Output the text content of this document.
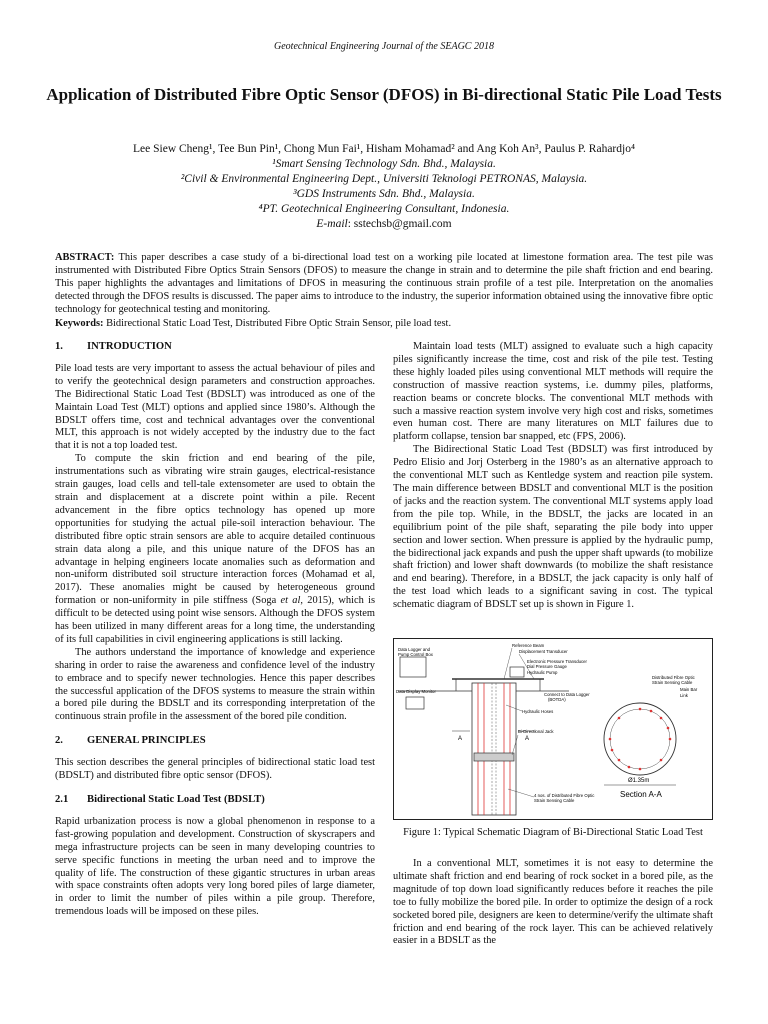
Geotechnical Engineering Journal of the SEAGC 2018
Application of Distributed Fibre Optic Sensor (DFOS) in Bi-directional Static Pile Load Tests
Lee Siew Cheng¹, Tee Bun Pin¹, Chong Mun Fai¹, Hisham Mohamad² and Ang Koh An³, Paulus P. Rahardjo⁴
¹Smart Sensing Technology Sdn. Bhd., Malaysia.
²Civil & Environmental Engineering Dept., Universiti Teknologi PETRONAS, Malaysia.
³GDS Instruments Sdn. Bhd., Malaysia.
⁴PT. Geotechnical Engineering Consultant, Indonesia.
E-mail: sstechsb@gmail.com

ABSTRACT: This paper describes a case study of a bi-directional load test on a working pile located at limestone formation area. The test pile was instrumented with Distributed Fibre Optics Strain Sensors (DFOS) to measure the change in strain and to determine the pile shaft friction and end bearing. This paper highlights the advantages and limitations of DFOS in measuring the continuous strain profile of a test pile. Interpretation on the anomalies detected through the DFOS results is discussed. The paper aims to introduce to the industry, the superior information obtained using the innovative fibre optic technology for geotechnical testing and monitoring.

Keywords: Bidirectional Static Load Test, Distributed Fibre Optic Strain Sensor, pile load test.

1. INTRODUCTION

Pile load tests are very important to assess the actual behaviour of piles and to verify the geotechnical design parameters and construction approaches. The Bidirectional Static Load Test (BDSLT) was introduced as one of the Maintain Load Test (MLT) options and applied since 1980’s. Although the BDSLT offers time, cost and technical advantages over the conventional MLT, this approach is not widely accepted by the industry due to the fact that it is not a top loaded test.

To compute the skin friction and end bearing of the pile, instrumentations such as vibrating wire strain gauges, electrical-resistance strain gauges, load cells and tell-tale extensometer are used to obtain the strain and displacement at a discrete point within a pile. Recent advancement in the fibre optics technology has opened up more opportunities for studying the actual pile-soil interaction behaviour. The distributed fibre optic strain sensors are able to acquire detailed continuous strain data along a pile, and this unique nature of the DFOS has an advantage in helping engineers locate anomalies such as deformation and non-uniform distributed soil structure interaction forces (Mohamad et al, 2017). These anomalies might be caused by heterogeneous ground formation or non-uniformity in pile stiffness (Soga et al, 2015), which is difficult to be detected using point wise sensors. Although the DFOS system has been utilized in many different areas for a long time, the understanding of its full capabilities in civil engineering applications is still lacking.

The authors understand the importance of knowledge and experience sharing in order to raise the awareness and confidence level of the industry to embrace and to specify newer technologies. Hence this paper describes the successful application of the DFOS systems to measure the strain within a bored pile during the BDSLT and its corresponding interpretation of the continuous strain profile in the assessment of the bored pile condition.

2. GENERAL PRINCIPLES

This section describes the general principles of bidirectional static load test (BDSLT) and distributed fibre optic sensor (DFOS).

2.1 Bidirectional Static Load Test (BDSLT)

Rapid urbanization process is now a global phenomenon in response to a fast-growing population and development. Construction of skyscrapers and mega infrastructure projects can be seen in many developing countries to serve specific functions in meeting the urban need and to improve the quality of life. The construction of these gigantic structures in urban areas with space constraints often adopts very long bored piles of large diameter, in order to limit the number of piles within a pile group. Therefore, tremendous loads will be imposed on these piles.

Maintain load tests (MLT) assigned to evaluate such a high capacity piles significantly increase the time, cost and risk of the pile test. Testing these highly loaded piles using conventional MLT methods will require the construction of massive reaction systems, i.e. dummy piles, platforms, reaction beams or concrete blocks. The conventional MLT methods with such a massive reaction system involve very high cost and risks, sometimes even human cost. There are many literatures on MLT failures due to platform collapse, tension bar snapped, etc (FPS, 2006).

The Bidirectional Static Load Test (BDSLT) was first introduced by Pedro Elisio and Jorj Osterberg in the 1980’s as an alternative approach to the conventional MLT such as Kentledge system and reaction pile system. The main difference between BDSLT and conventional MLT is the position of jacks and the reaction system. The conventional MLT systems apply load from the pile top. While, in the BDSLT, the jacks are located in an equilibrium point of the pile shaft, separating the pile body into upper section and lower section. When pressure is applied by the hydraulic pump, the bidirectional jack expands and push the upper shaft upwards (to mobilize shaft friction) and lower shaft downwards (to mobilize the shaft resistance and end bearing). Therefore, in a BDSLT, the jack capacity is only half of the test load which leads to a significant saving in cost. The typical schematic diagram of BDSLT set up is shown in Figure 1.

A	A
Reference Beam
Displacement Transducer
Data Logger and
Pump Control Box
Electronic Pressure Transducer
Dial Pressure Gauge
Hydraulic Pump
Data Display Monitor
Connect to Data Logger
(BOTDA)
Hydraulic Hoses
Bi-Directional Jack
4 nos. of Distributed Fibre Optic
Strain Sensing Cable
Ø1.35m
Section A-A
Distributed Fibre Optic
Strain Sensing Cable
Main Bar
Link
Figure 1: Typical Schematic Diagram of Bi-Directional Static Load Test

In a conventional MLT, sometimes it is not easy to determine the ultimate shaft friction and end bearing of rock socket in a bored pile, as the magnitude of top down load significantly reduces before it reaches the pile toe to fully mobilize the bored pile. In order to optimize the design of a rock socketed bored pile, designers are keen to determine/verify the ultimate shaft friction and end bearing of the rock layer. This can be achieved relatively easier in a BDSLT as the
